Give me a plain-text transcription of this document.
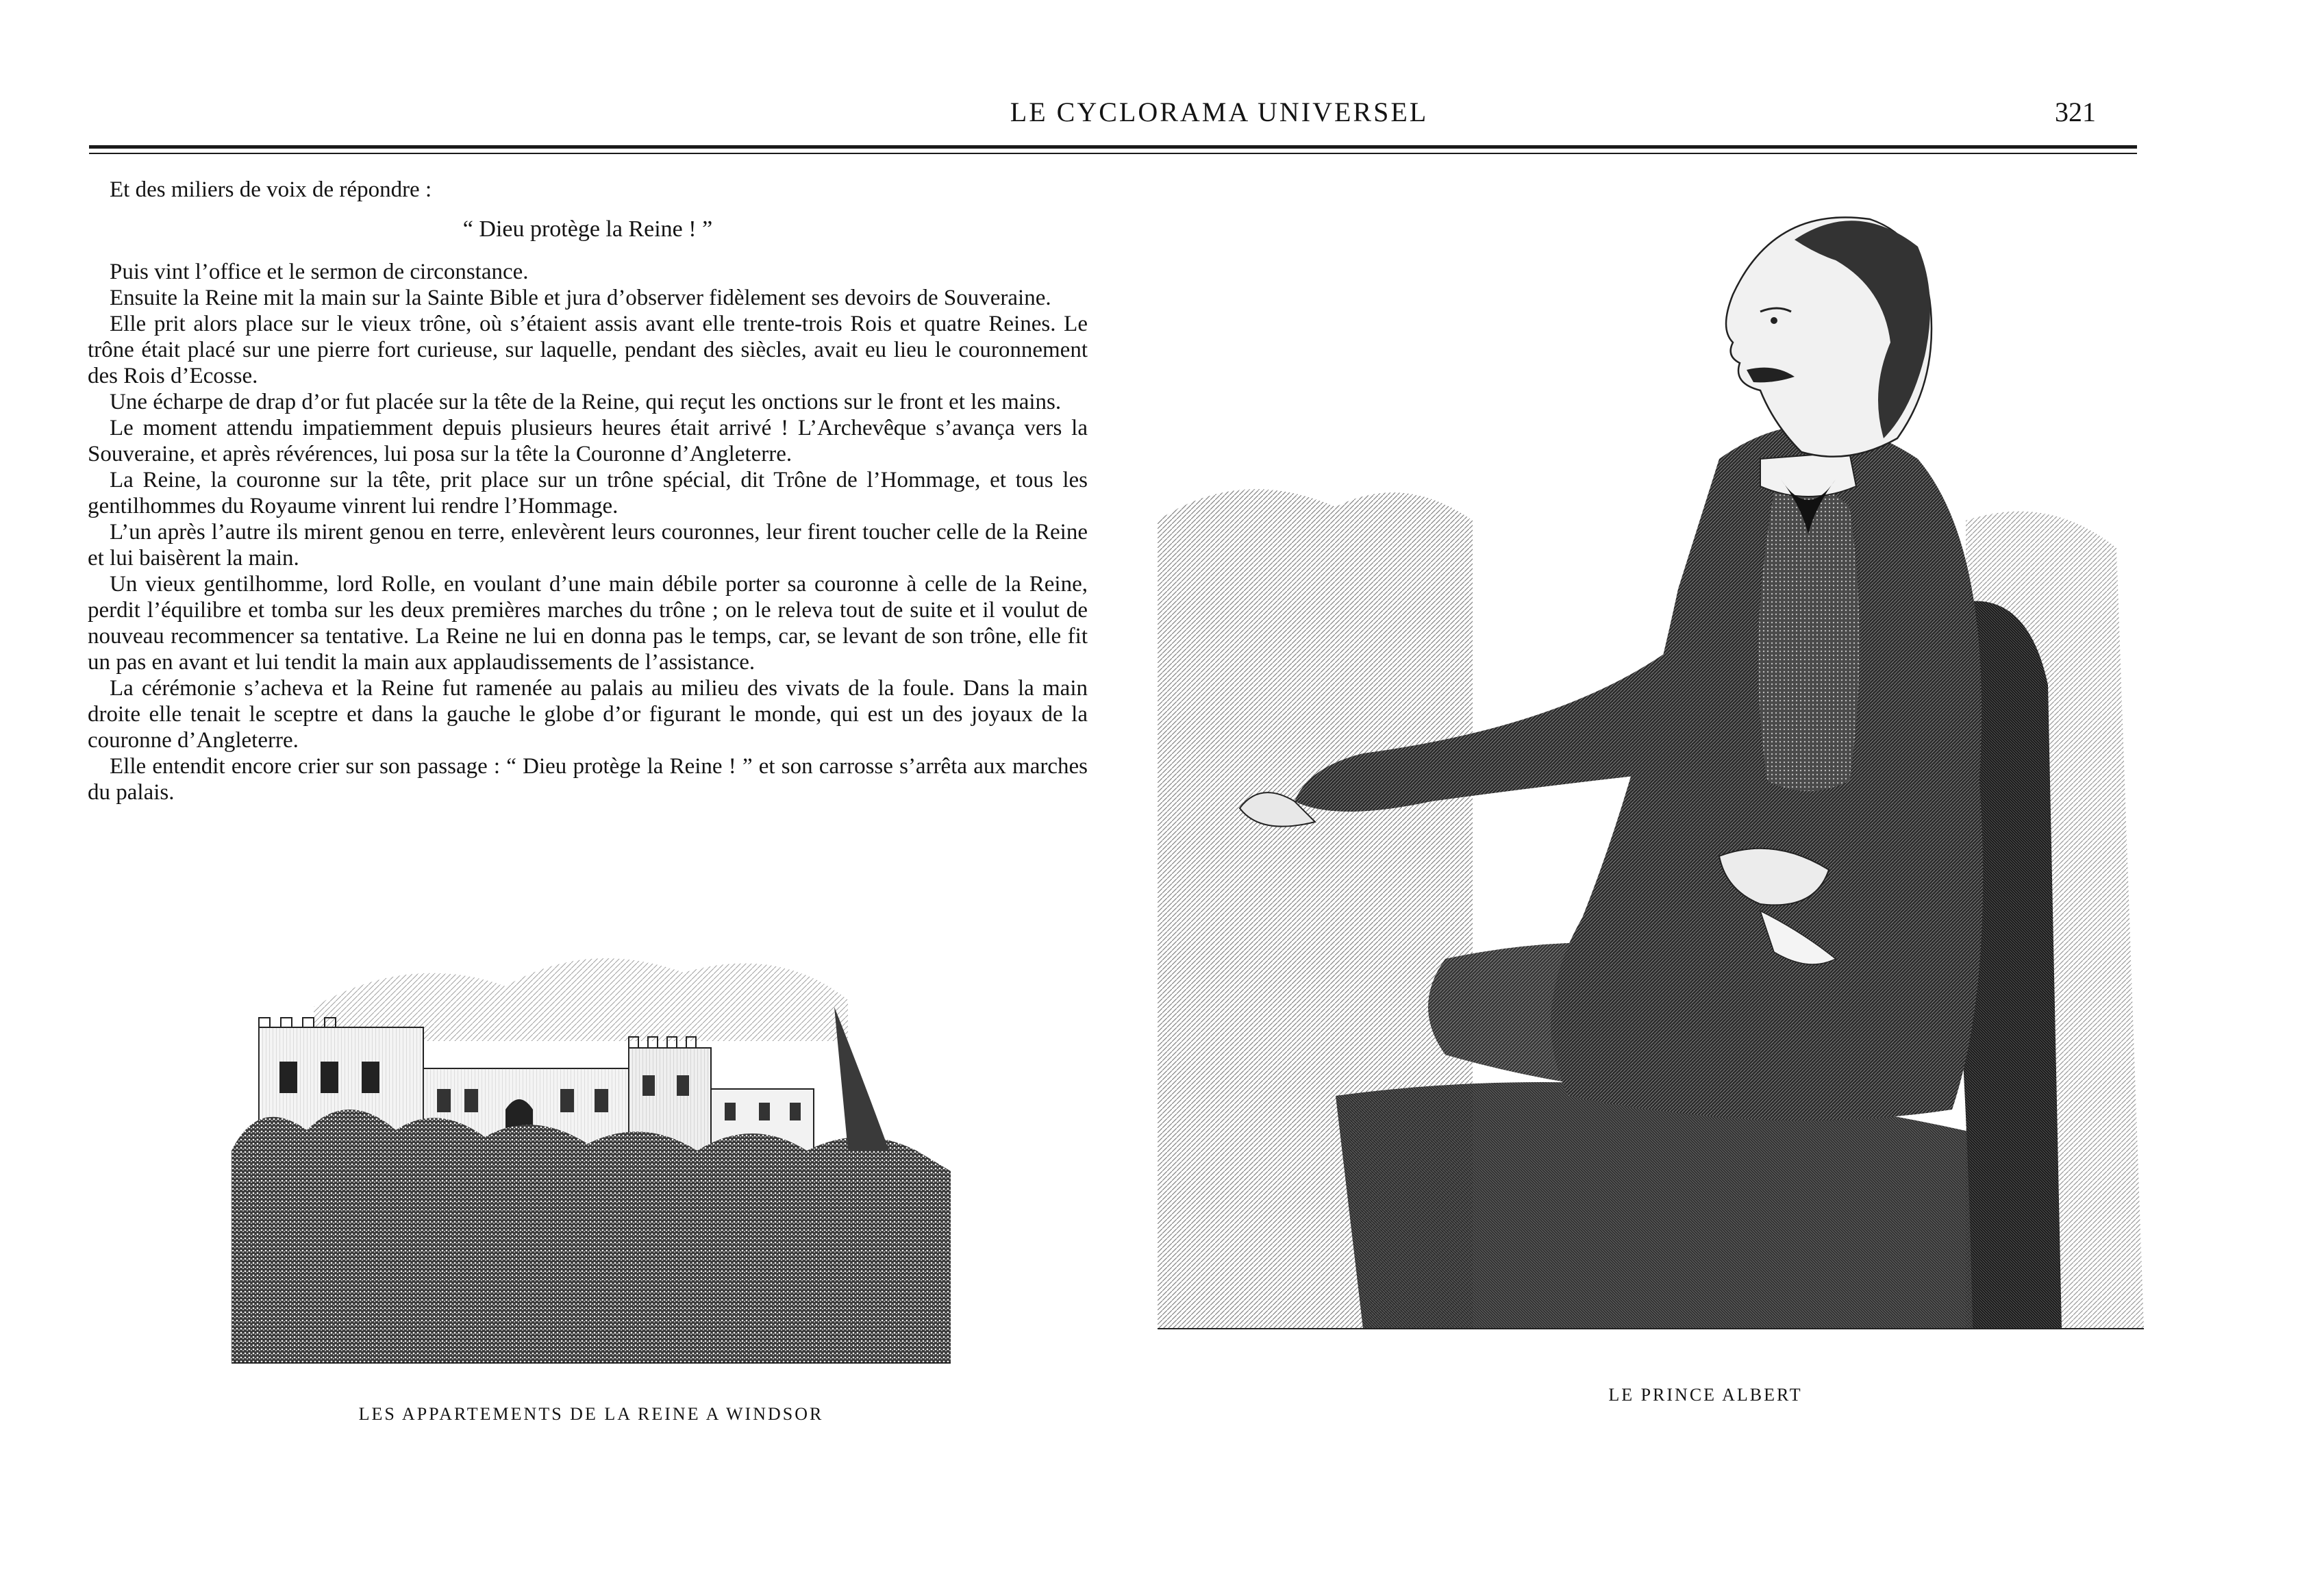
LE CYCLORAMA UNIVERSEL	321

Et des miliers de voix de répondre :

“ Dieu protège la Reine ! ”

Puis vint l’office et le sermon de circonstance.

Ensuite la Reine mit la main sur la Sainte Bible et jura d’observer fidèlement ses devoirs de Souveraine.

Elle prit alors place sur le vieux trône, où s’étaient assis avant elle trente-trois Rois et quatre Reines. Le trône était placé sur une pierre fort curieuse, sur laquelle, pendant des siècles, avait eu lieu le couronnement des Rois d’Ecosse.

Une écharpe de drap d’or fut placée sur la tête de la Reine, qui reçut les onctions sur le front et les mains.

Le moment attendu impatiemment depuis plusieurs heures était arrivé ! L’Archevêque s’avança vers la Souveraine, et après révérences, lui posa sur la tête la Couronne d’Angleterre.

La Reine, la couronne sur la tête, prit place sur un trône spécial, dit Trône de l’Hommage, et tous les gentilhommes du Royaume vinrent lui rendre l’Hommage.

L’un après l’autre ils mirent genou en terre, enlevèrent leurs couronnes, leur firent toucher celle de la Reine et lui baisèrent la main.

Un vieux gentilhomme, lord Rolle, en voulant d’une main débile porter sa couronne à celle de la Reine, perdit l’équilibre et tomba sur les deux premières marches du trône ; on le releva tout de suite et il voulut de nouveau recommencer sa tentative. La Reine ne lui en donna pas le temps, car, se levant de son trône, elle fit un pas en avant et lui tendit la main aux applaudissements de l’assistance.

La cérémonie s’acheva et la Reine fut ramenée au palais au milieu des vivats de la foule. Dans la main droite elle tenait le sceptre et dans la gauche le globe d’or figurant le monde, qui est un des joyaux de la couronne d’Angleterre.

Elle entendit encore crier sur son passage : “ Dieu protège la Reine ! ” et son carrosse s’arrêta aux marches du palais.

LES APPARTEMENTS DE LA REINE A WINDSOR
LE PRINCE ALBERT
